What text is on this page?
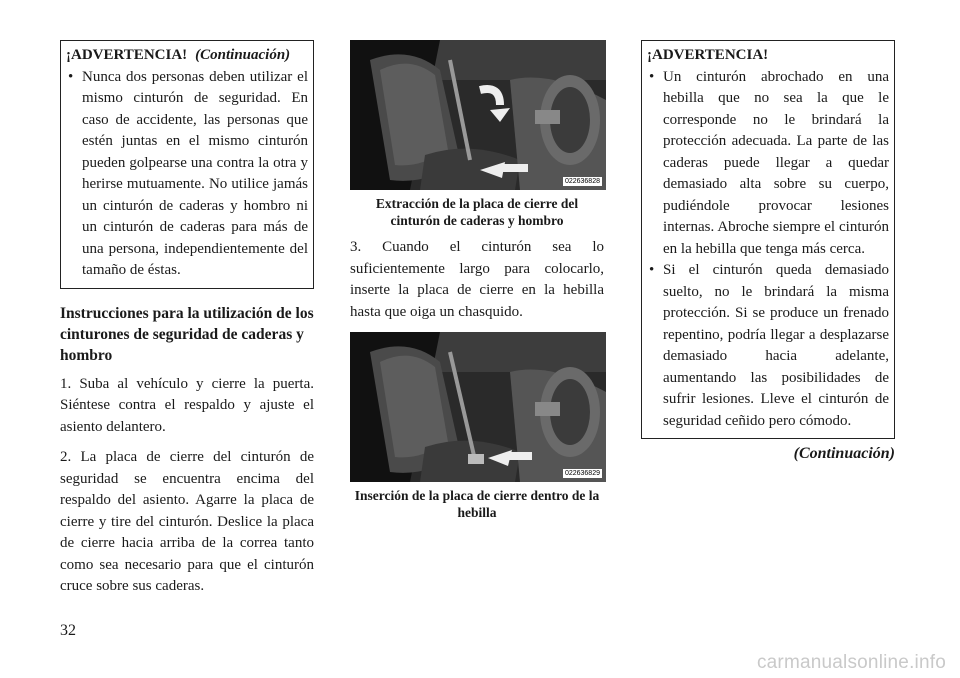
¡ADVERTENCIA! (Continuación)
• Nunca dos personas deben utilizar el mismo cinturón de seguridad. En caso de accidente, las personas que estén juntas en el mismo cinturón pueden golpearse una contra la otra y herirse mutuamente. No utilice jamás un cinturón de caderas y hombro ni un cinturón de caderas para más de una persona, independientemente del tamaño de éstas.
Instrucciones para la utilización de los cinturones de seguridad de caderas y hombro

1. Suba al vehículo y cierre la puerta. Siéntese contra el respaldo y ajuste el asiento delantero.

2. La placa de cierre del cinturón de seguridad se encuentra encima del respaldo del asiento. Agarre la placa de cierre y tire del cinturón. Deslice la placa de cierre hacia arriba de la correa tanto como sea necesario para que el cinturón cruce sobre sus caderas.

022636828
Extracción de la placa de cierre del cinturón de caderas y hombro

3. Cuando el cinturón sea lo suficientemente largo para colocarlo, inserte la placa de cierre en la hebilla hasta que oiga un chasquido.

022636829
Inserción de la placa de cierre dentro de la hebilla
¡ADVERTENCIA!
• Un cinturón abrochado en una hebilla que no sea la que le corresponde no le brindará la protección adecuada. La parte de las caderas puede llegar a quedar demasiado alta sobre su cuerpo, pudiéndole provocar lesiones internas. Abroche siempre el cinturón en la hebilla que tenga más cerca.
• Si el cinturón queda demasiado suelto, no le brindará la misma protección. Si se produce un frenado repentino, podría llegar a desplazarse demasiado hacia adelante, aumentando las posibilidades de sufrir lesiones. Lleve el cinturón de seguridad ceñido pero cómodo.
(Continuación)
32
carmanualsonline.info
